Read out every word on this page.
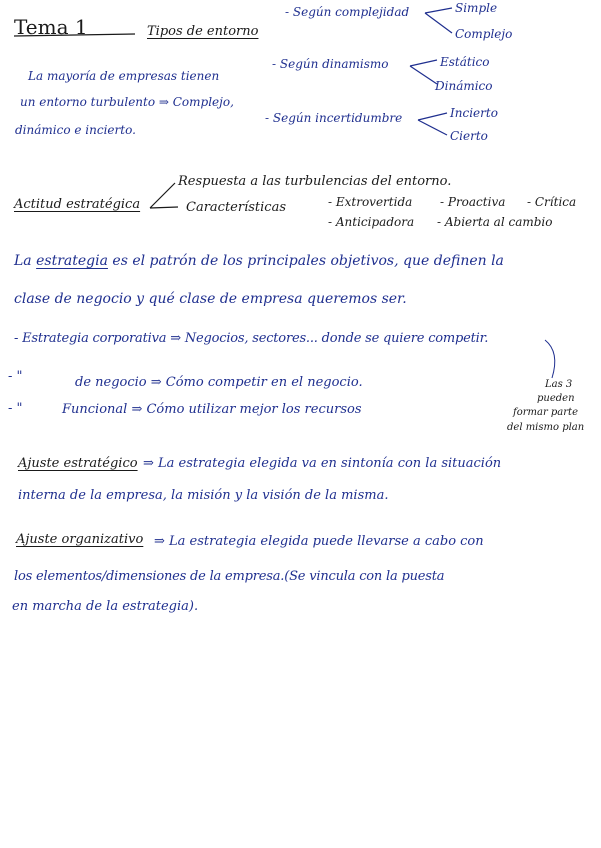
Tema 1	Tipos de entorno
- Según complejidad	Simple
Complejo
- Según dinamismo	Estático
Dinámico
- Según incertidumbre	Incierto
Cierto
La mayoría de empresas tienen
un entorno turbulento ⇒ Complejo,
dinámico e incierto.
Actitud estratégica
Respuesta a las turbulencias del entorno.
Características	- Extrovertida - Proactiva - Crítica
- Anticipadora - Abierta al cambio
La estrategia es el patrón de los principales objetivos, que definen la
clase de negocio y qué clase de empresa queremos ser.
- Estrategia corporativa ⇒ Negocios, sectores... donde se quiere competir.
- "	de negocio ⇒ Cómo competir en el negocio.
- "	Funcional ⇒ Cómo utilizar mejor los recursos
Las 3
pueden
formar parte
del mismo plan
Ajuste estratégico ⇒ La estrategia elegida va en sintonía con la situación
interna de la empresa, la misión y la visión de la misma.
Ajuste organizativo ⇒ La estrategia elegida puede llevarse a cabo con
los elementos/dimensiones de la empresa.(Se vincula con la puesta
en marcha de la estrategia).
